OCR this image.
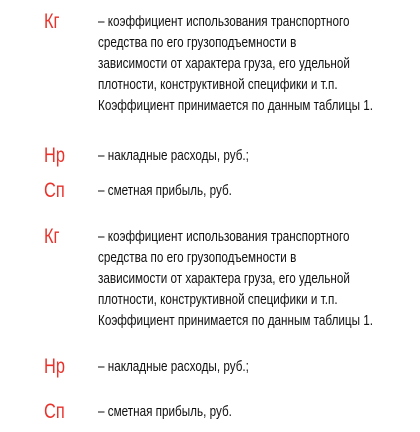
Кг	– коэффициент использования транспортного
средства по его грузоподъемности в
зависимости от характера груза, его удельной
плотности, конструктивной специфики и т.п.
Коэффициент принимается по данным таблицы 1.
Нр – накладные расходы, руб.;
Сп – сметная прибыль, руб.
Кг	– коэффициент использования транспортного
средства по его грузоподъемности в
зависимости от характера груза, его удельной
плотности, конструктивной специфики и т.п.
Коэффициент принимается по данным таблицы 1.
Нр – накладные расходы, руб.;
Сп – сметная прибыль, руб.
